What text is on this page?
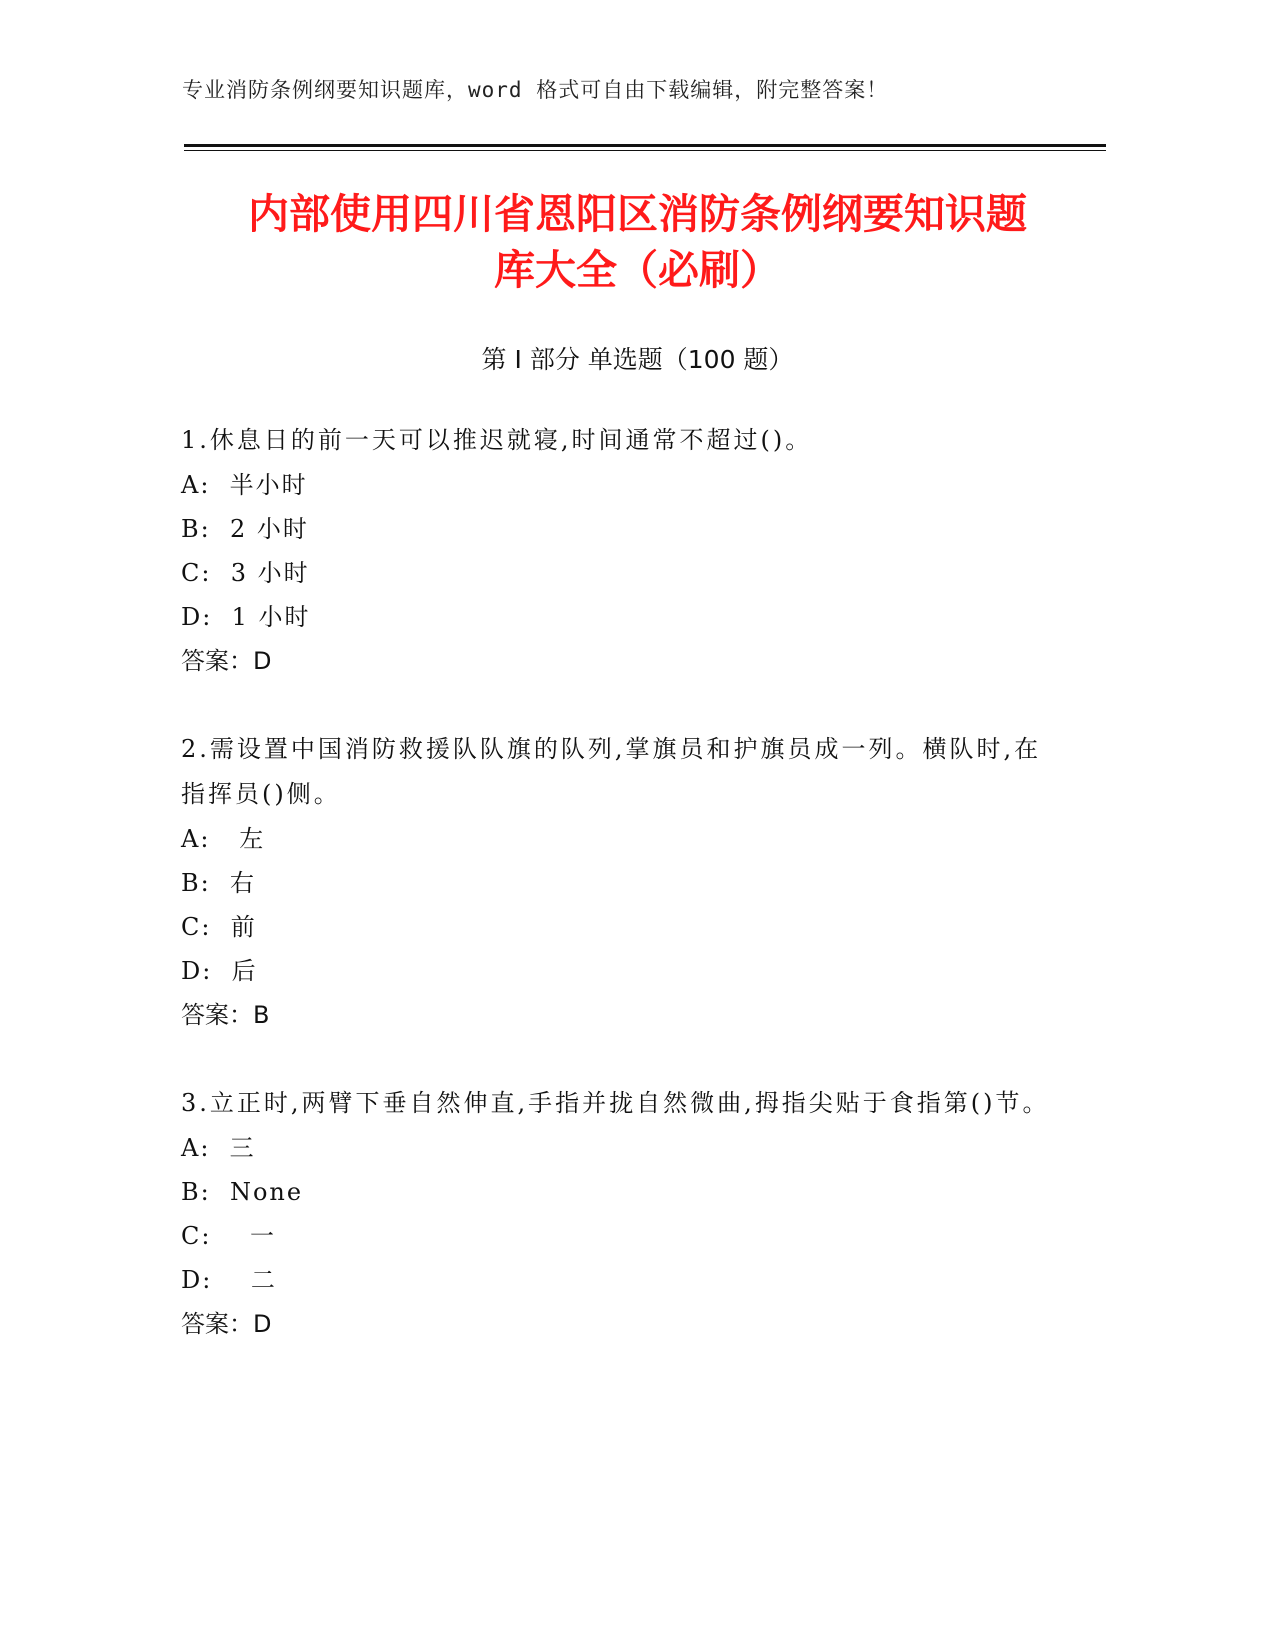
专业消防条例纲要知识题库，word 格式可自由下载编辑，附完整答案！
内部使用四川省恩阳区消防条例纲要知识题
库大全（必刷）
第 I 部分 单选题（100 题）
1.休息日的前一天可以推迟就寝,时间通常不超过()。
A:  半小时
B:  2 小时
C:  3 小时
D:  1 小时
答案：D
2.需设置中国消防救援队队旗的队列,掌旗员和护旗员成一列。横队时,在指挥员()侧。
A:   左
B:  右
C:  前
D:  后
答案：B
3.立正时,两臂下垂自然伸直,手指并拢自然微曲,拇指尖贴于食指第()节。
A:  三
B:  None
C:    一
D:    二
答案：D
